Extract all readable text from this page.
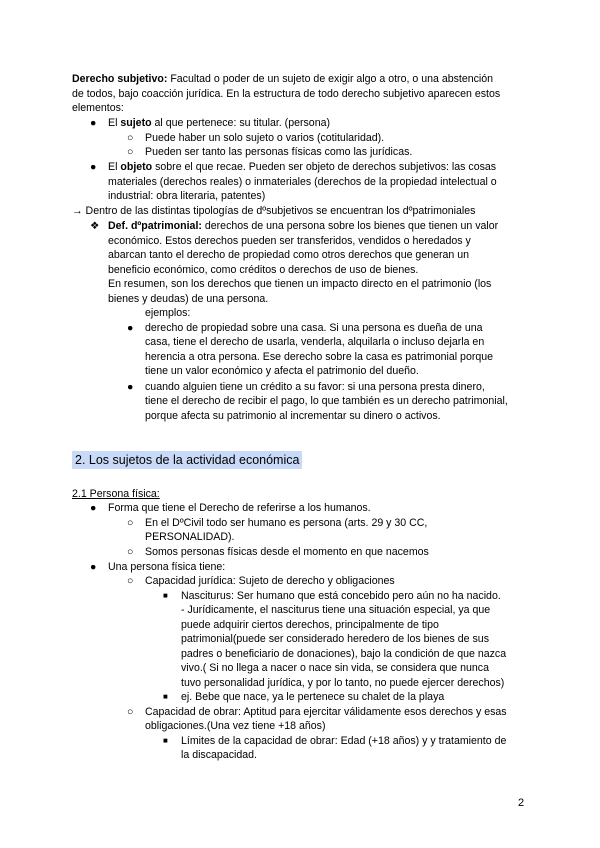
Derecho subjetivo: Facultad o poder de un sujeto de exigir algo a otro, o una abstención
de todos, bajo coacción jurídica. En la estructura de todo derecho subjetivo aparecen estos
elementos:
● El sujeto al que pertenece: su titular. (persona)
○ Puede haber un solo sujeto o varios (cotitularidad).
○ Pueden ser tanto las personas físicas como las jurídicas.
● El objeto sobre el que recae. Pueden ser objeto de derechos subjetivos: las cosas
materiales (derechos reales) o inmateriales (derechos de la propiedad intelectual o
industrial: obra literaria, patentes)
→ Dentro de las distintas tipologías de dºsubjetivos se encuentran los dºpatrimoniales
❖ Def. dºpatrimonial: derechos de una persona sobre los bienes que tienen un valor
económico. Estos derechos pueden ser transferidos, vendidos o heredados y
abarcan tanto el derecho de propiedad como otros derechos que generan un
beneficio económico, como créditos o derechos de uso de bienes.
En resumen, son los derechos que tienen un impacto directo en el patrimonio (los
bienes y deudas) de una persona.
ejemplos:
● derecho de propiedad sobre una casa. Si una persona es dueña de una
casa, tiene el derecho de usarla, venderla, alquilarla o incluso dejarla en
herencia a otra persona. Ese derecho sobre la casa es patrimonial porque
tiene un valor económico y afecta el patrimonio del dueño.
● cuando alguien tiene un crédito a su favor: si una persona presta dinero,
tiene el derecho de recibir el pago, lo que también es un derecho patrimonial,
porque afecta su patrimonio al incrementar su dinero o activos.
2. Los sujetos de la actividad económica
2.1 Persona física:
● Forma que tiene el Derecho de referirse a los humanos.
○ En el DºCivil todo ser humano es persona (arts. 29 y 30 CC,
PERSONALIDAD).
○ Somos personas físicas desde el momento en que nacemos
● Una persona física tiene:
○ Capacidad jurídica: Sujeto de derecho y obligaciones
■ Nasciturus: Ser humano que está concebido pero aún no ha nacido.
- Jurídicamente, el nasciturus tiene una situación especial, ya que
puede adquirir ciertos derechos, principalmente de tipo
patrimonial(puede ser considerado heredero de los bienes de sus
padres o beneficiario de donaciones), bajo la condición de que nazca
vivo.( Si no llega a nacer o nace sin vida, se considera que nunca
tuvo personalidad jurídica, y por lo tanto, no puede ejercer derechos)
■ ej. Bebe que nace, ya le pertenece su chalet de la playa
○ Capacidad de obrar: Aptitud para ejercitar válidamente esos derechos y esas
obligaciones.(Una vez tiene +18 años)
■ Límites de la capacidad de obrar: Edad (+18 años) y y tratamiento de
la discapacidad.
2
